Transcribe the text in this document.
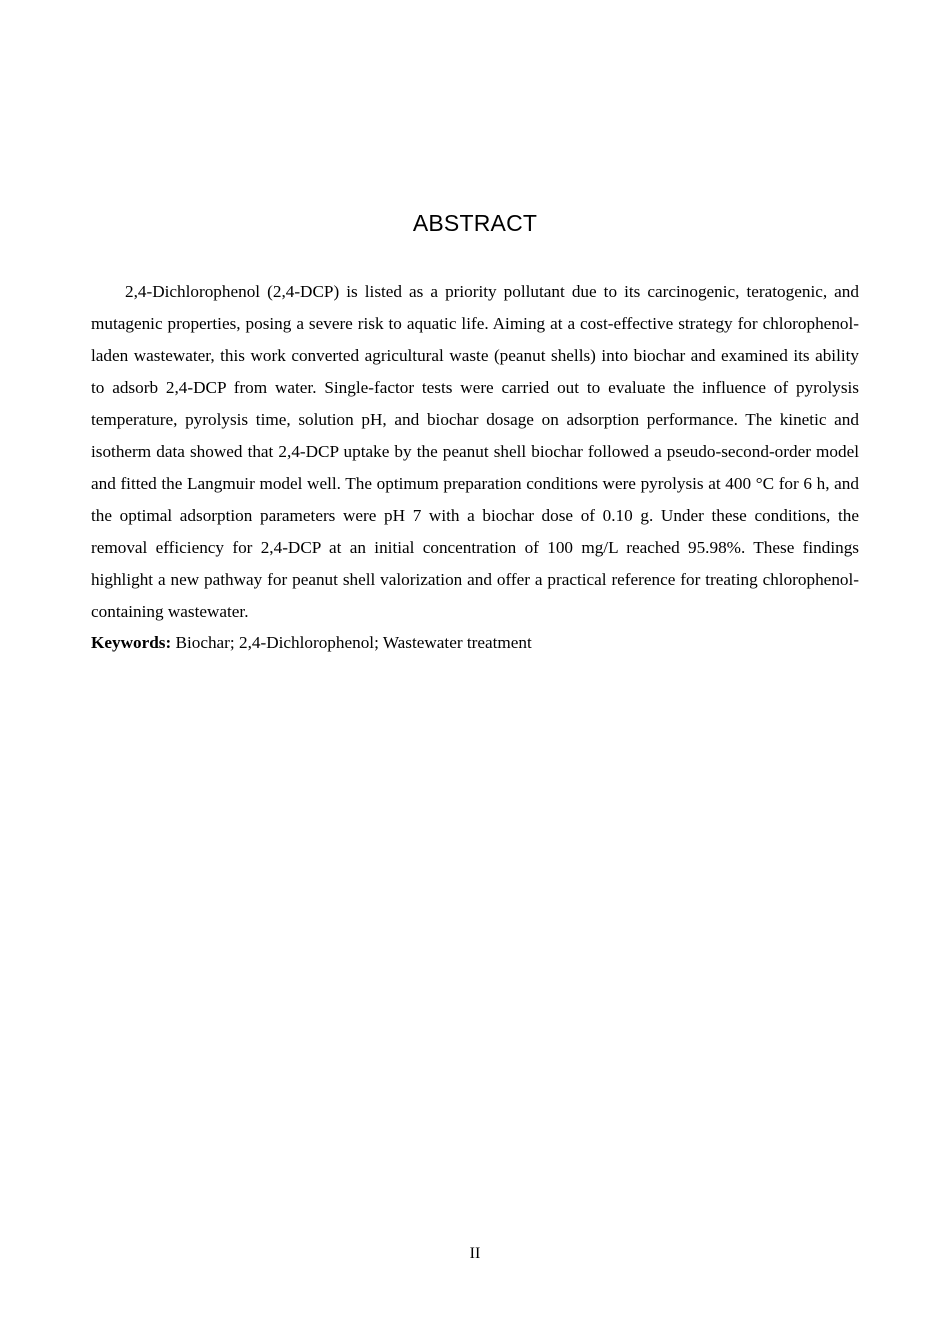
ABSTRACT

2,4-Dichlorophenol (2,4-DCP) is listed as a priority pollutant due to its carcinogenic, teratogenic, and mutagenic properties, posing a severe risk to aquatic life. Aiming at a cost-effective strategy for chlorophenol-laden wastewater, this work converted agricultural waste (peanut shells) into biochar and examined its ability to adsorb 2,4-DCP from water. Single-factor tests were carried out to evaluate the influence of pyrolysis temperature, pyrolysis time, solution pH, and biochar dosage on adsorption performance. The kinetic and isotherm data showed that 2,4-DCP uptake by the peanut shell biochar followed a pseudo-second-order model and fitted the Langmuir model well. The optimum preparation conditions were pyrolysis at 400 °C for 6 h, and the optimal adsorption parameters were pH 7 with a biochar dose of 0.10 g. Under these conditions, the removal efficiency for 2,4-DCP at an initial concentration of 100 mg/L reached 95.98%. These findings highlight a new pathway for peanut shell valorization and offer a practical reference for treating chlorophenol-containing wastewater.

Keywords: Biochar; 2,4-Dichlorophenol; Wastewater treatment

II
